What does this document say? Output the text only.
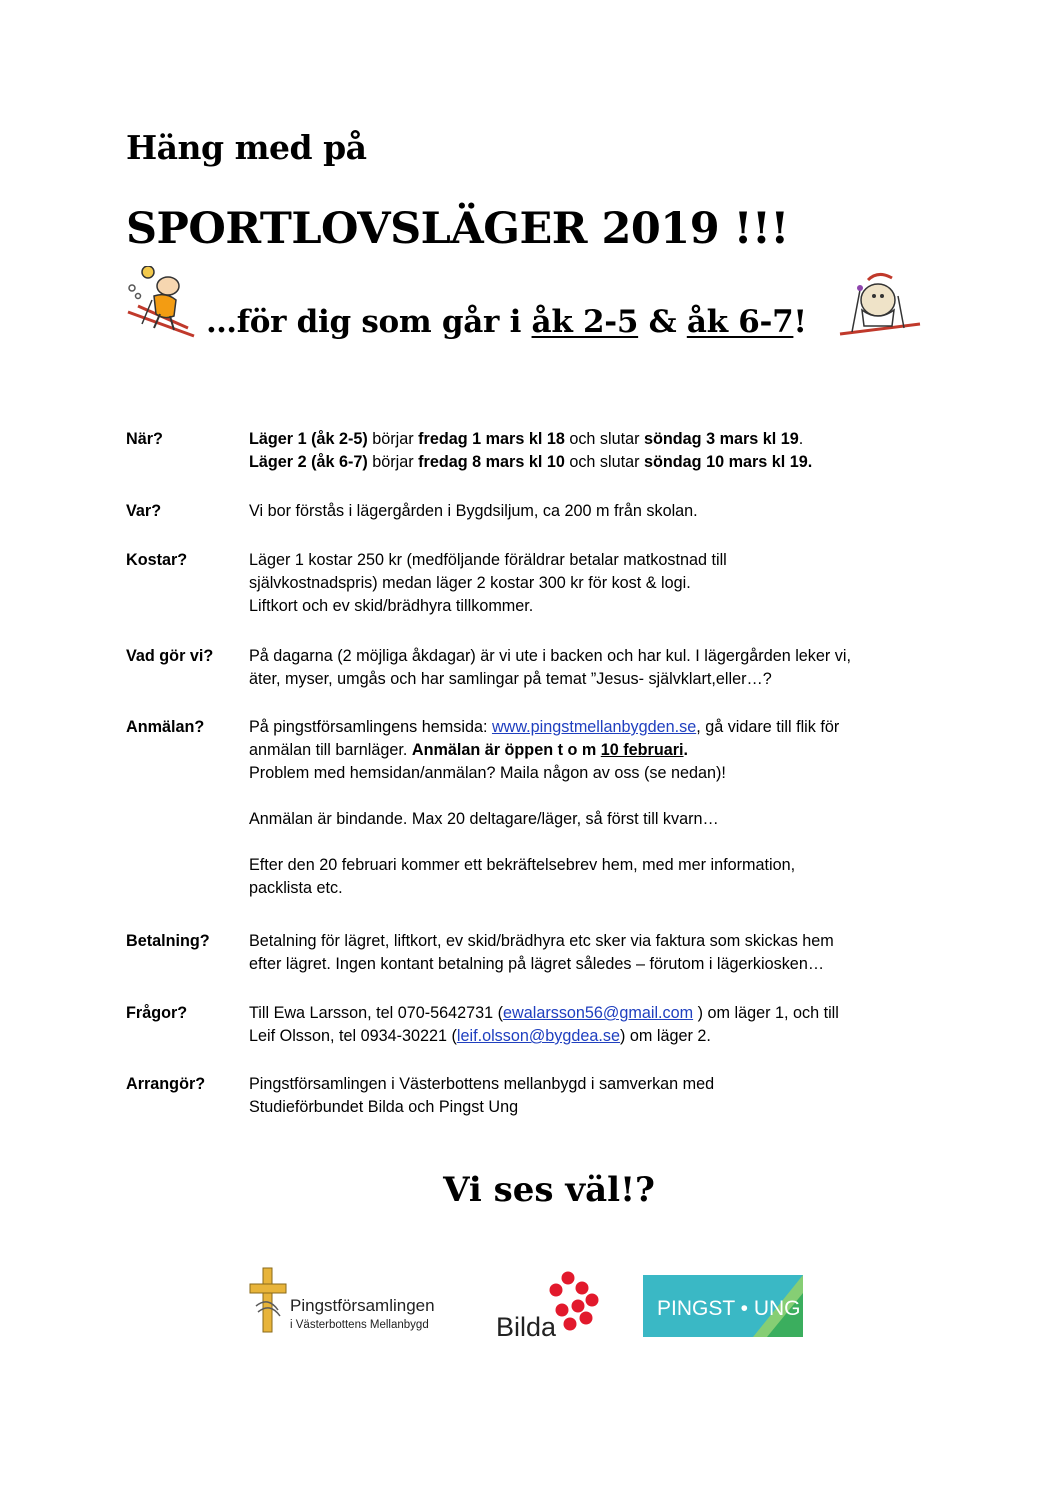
Häng med på
SPORTLOVSLÄGER 2019 !!!
…för dig som går i åk 2-5 & åk 6-7!
När?	Läger 1 (åk 2-5) börjar fredag 1 mars kl 18 och slutar söndag 3 mars kl 19.
Läger 2 (åk 6-7) börjar fredag 8 mars kl 10 och slutar söndag 10 mars kl 19.
Var?	Vi bor förstås i lägergården i Bygdsiljum, ca 200 m från skolan.
Kostar?	Läger 1 kostar 250 kr (medföljande föräldrar betalar matkostnad till
självkostnadspris) medan läger 2 kostar 300 kr för kost & logi.
Liftkort och ev skid/brädhyra tillkommer.
Vad gör vi?	På dagarna (2 möjliga åkdagar) är vi ute i backen och har kul. I lägergården leker vi,
äter, myser, umgås och har samlingar på temat ”Jesus- självklart,eller…?
Anmälan?	På pingstförsamlingens hemsida: www.pingstmellanbygden.se, gå vidare till flik för
anmälan till barnläger. Anmälan är öppen t o m 10 februari.
Problem med hemsidan/anmälan? Maila någon av oss (se nedan)!
Anmälan är bindande. Max 20 deltagare/läger, så först till kvarn…
Efter den 20 februari kommer ett bekräftelsebrev hem, med mer information,
packlista etc.
Betalning?	Betalning för lägret, liftkort, ev skid/brädhyra etc sker via faktura som skickas hem
efter lägret. Ingen kontant betalning på lägret således – förutom i lägerkiosken…
Frågor?	Till Ewa Larsson, tel 070-5642731 (ewalarsson56@gmail.com ) om läger 1, och till
Leif Olsson, tel 0934-30221 (leif.olsson@bygdea.se) om läger 2.
Arrangör?	Pingstförsamlingen i Västerbottens mellanbygd i samverkan med
Studieförbundet Bilda och Pingst Ung
Vi ses väl!?
Pingstförsamlingen
i Västerbottens Mellanbygd Bilda
PINGST • UNG
